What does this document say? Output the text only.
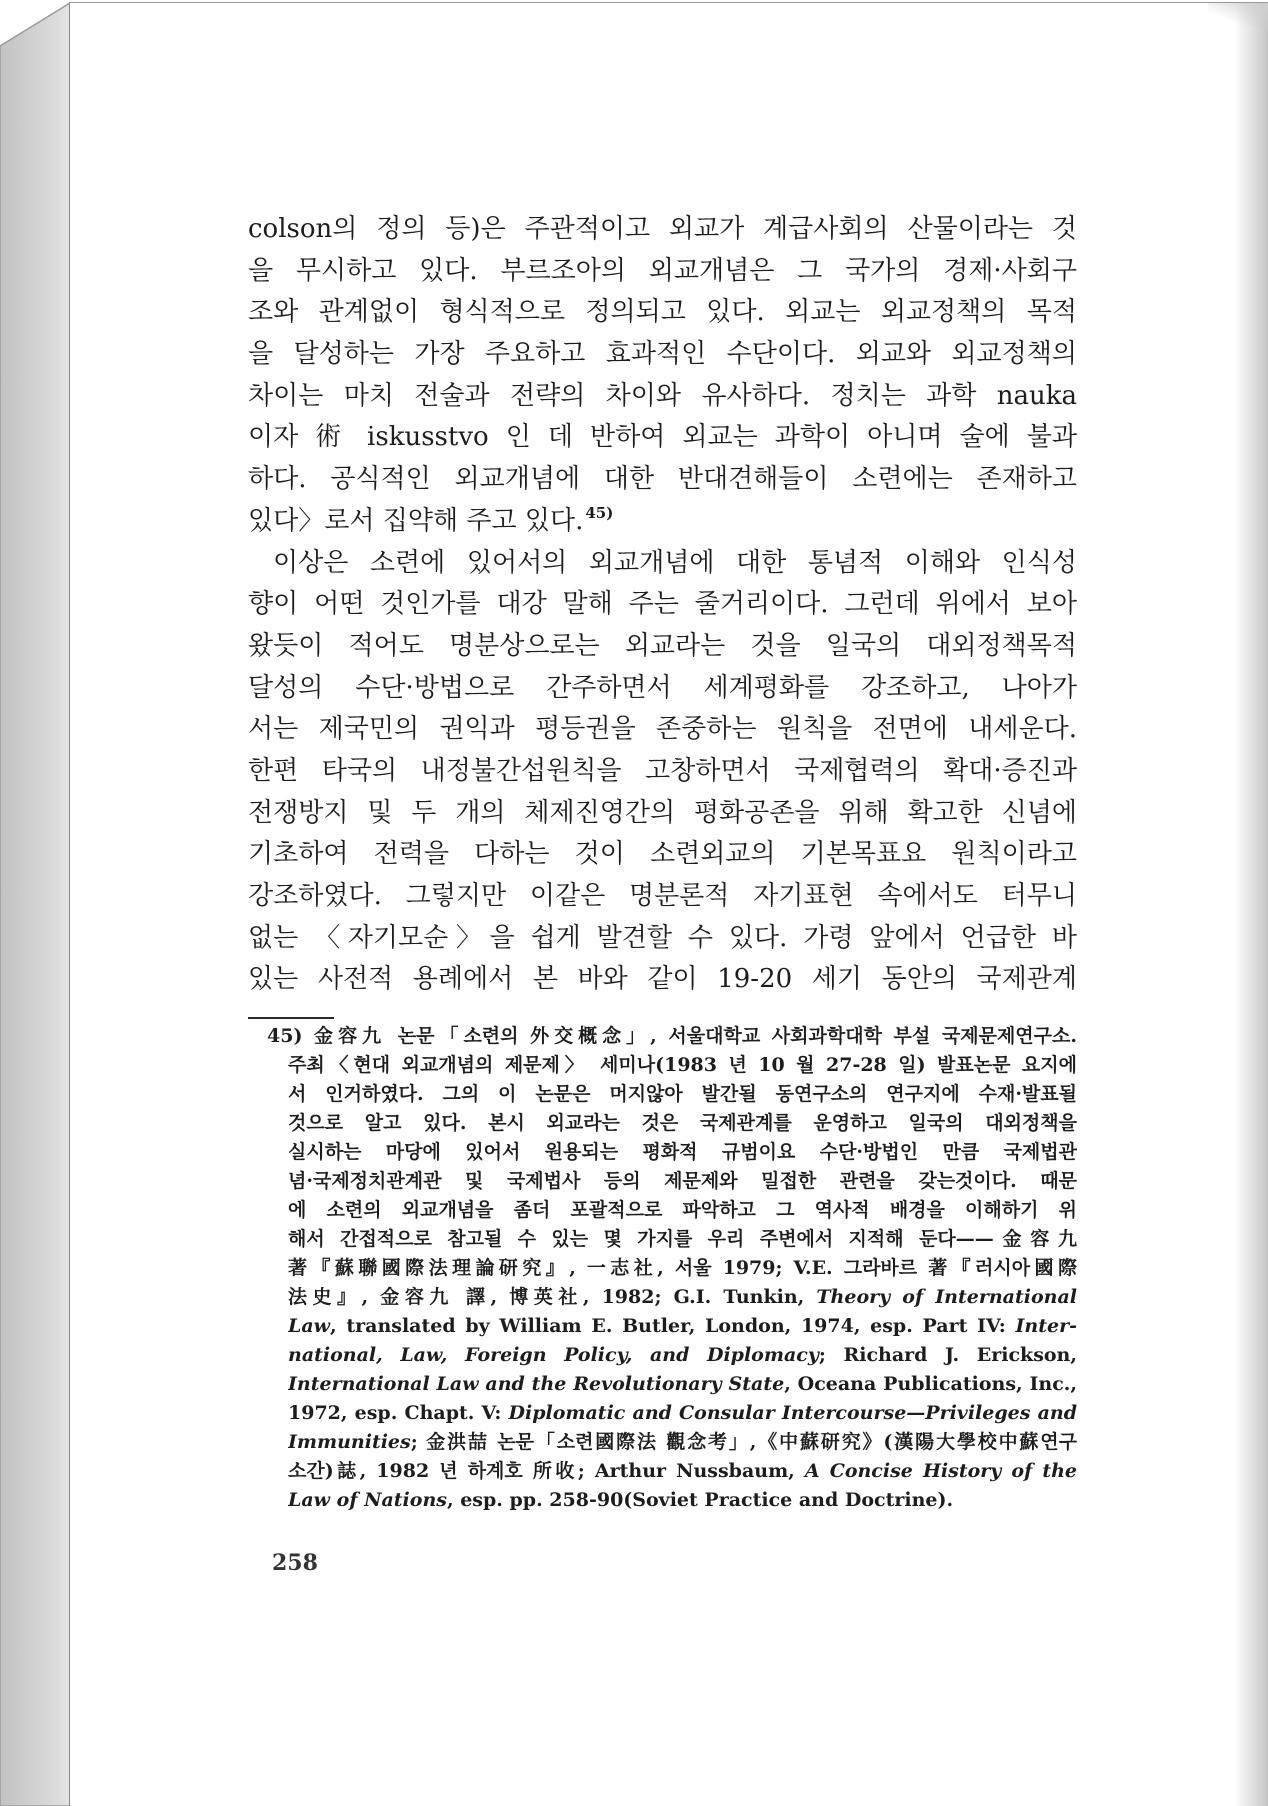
colson의 정의 등)은 주관적이고 외교가 계급사회의 산물이라는 것
을 무시하고 있다. 부르조아의 외교개념은 그 국가의 경제·사회구
조와 관계없이 형식적으로 정의되고 있다. 외교는 외교정책의 목적
을 달성하는 가장 주요하고 효과적인 수단이다. 외교와 외교정책의
차이는 마치 전술과 전략의 차이와 유사하다. 정치는 과학 nauka
이자 術 iskusstvo 인 데 반하여 외교는 과학이 아니며 술에 불과
하다. 공식적인 외교개념에 대한 반대견해들이 소련에는 존재하고
있다〉로서 집약해 주고 있다. $^{45)}$
이상은 소련에 있어서의 외교개념에 대한 통념적 이해와 인식성
향이 어떤 것인가를 대강 말해 주는 줄거리이다. 그런데 위에서 보아
왔듯이 적어도 명분상으로는 외교라는 것을 일국의 대외정책목적
달성의 수단·방법으로 간주하면서 세계평화를 강조하고, 나아가
서는 제국민의 권익과 평등권을 존중하는 원칙을 전면에 내세운다.
한편 타국의 내정불간섭원칙을 고창하면서 국제협력의 확대·증진과
전쟁방지 및 두 개의 체제진영간의 평화공존을 위해 확고한 신념에
기초하여 전력을 다하는 것이 소련외교의 기본목표요 원칙이라고
강조하였다. 그렇지만 이같은 명분론적 자기표현 속에서도 터무니
없는 〈자기모순〉을 쉽게 발견할 수 있다. 가령 앞에서 언급한 바
있는 사전적 용례에서 본 바와 같이 19-20 세기 동안의 국제관계
45) 金容九 논문「소련의 外交概念」, 서울대학교 사회과학대학 부설 국제문제연구소.
주최〈현대 외교개념의 제문제〉 세미나(1983 년 10 월 27-28 일) 발표논문 요지에
서 인거하였다. 그의 이 논문은 머지않아 발간될 동연구소의 연구지에 수재·발표될
것으로 알고 있다. 본시 외교라는 것은 국제관계를 운영하고 일국의 대외정책을
실시하는 마당에 있어서 원용되는 평화적 규범이요 수단·방법인 만큼 국제법관
념·국제정치관계관 및 국제법사 등의 제문제와 밀접한 관련을 갖는것이다. 때문
에 소련의 외교개념을 좀더 포괄적으로 파악하고 그 역사적 배경을 이해하기 위
해서 간접적으로 참고될 수 있는 몇 가지를 우리 주변에서 지적해 둔다——金容九
著『蘇聯國際法理論研究』, 一志社, 서울 1979; V.E. 그라바르 著『러시아國際
法史』, 金容九 譯, 博英社, 1982; G.I. Tunkin, Theory of International
Law, translated by William E. Butler, London, 1974, esp. Part IV: Inter-
national, Law, Foreign Policy, and Diplomacy; Richard J. Erickson,
International Law and the Revolutionary State, Oceana Publications, Inc.,
1972, esp. Chapt. V: Diplomatic and Consular Intercourse—Privileges and
Immunities; 金洪喆 논문「소련國際法 觀念考」,《中蘇研究》(漢陽大學校中蘇연구
소간)誌, 1982 년 하계호 所收; Arthur Nussbaum, A Concise History of the
Law of Nations, esp. pp. 258-90(Soviet Practice and Doctrine).
258
